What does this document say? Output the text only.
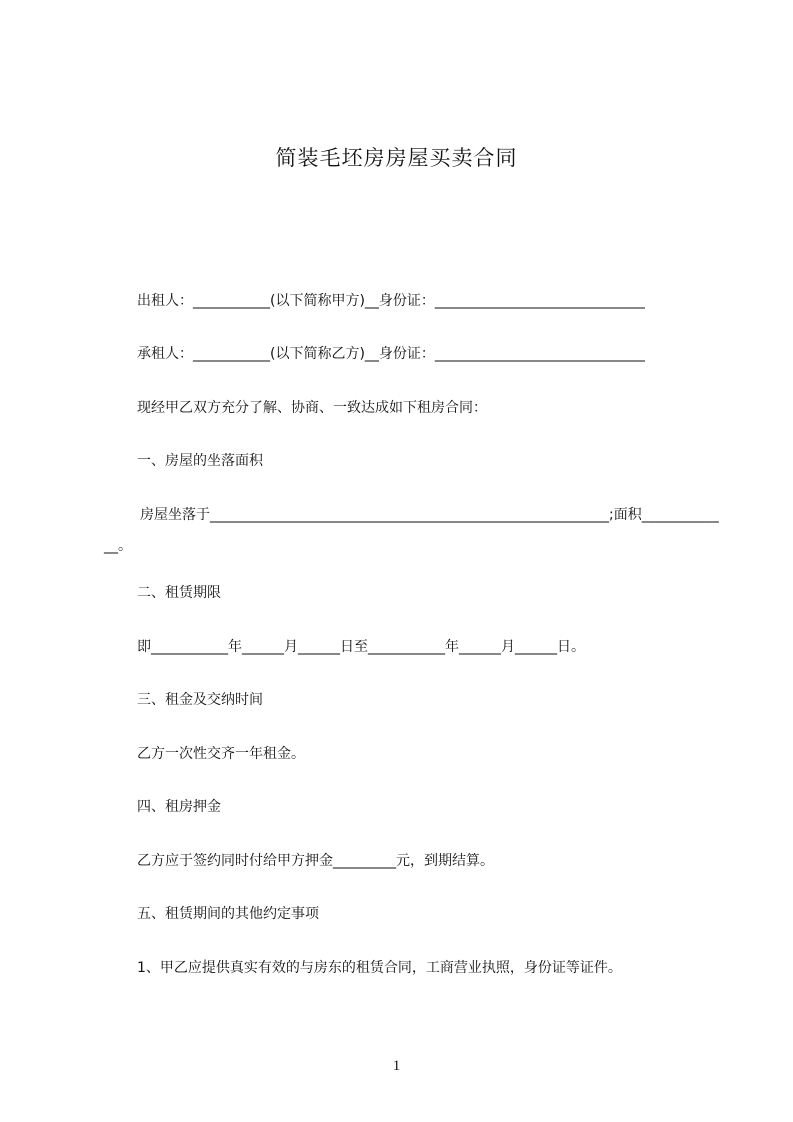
简装毛坯房房屋买卖合同
出租人：___________(以下简称甲方)__身份证：______________________________
承租人：___________(以下简称乙方)__身份证：______________________________
现经甲乙双方充分了解、协商、一致达成如下租房合同：
一、房屋的坐落面积
房屋坐落于_________________________________________________________;面积___________
__。
二、租赁期限
即___________年______月______日至___________年______月______日。
三、租金及交纳时间
乙方一次性交齐一年租金。
四、租房押金
乙方应于签约同时付给甲方押金_________元，到期结算。
五、租赁期间的其他约定事项
1、甲乙应提供真实有效的与房东的租赁合同，工商营业执照，身份证等证件。
1
